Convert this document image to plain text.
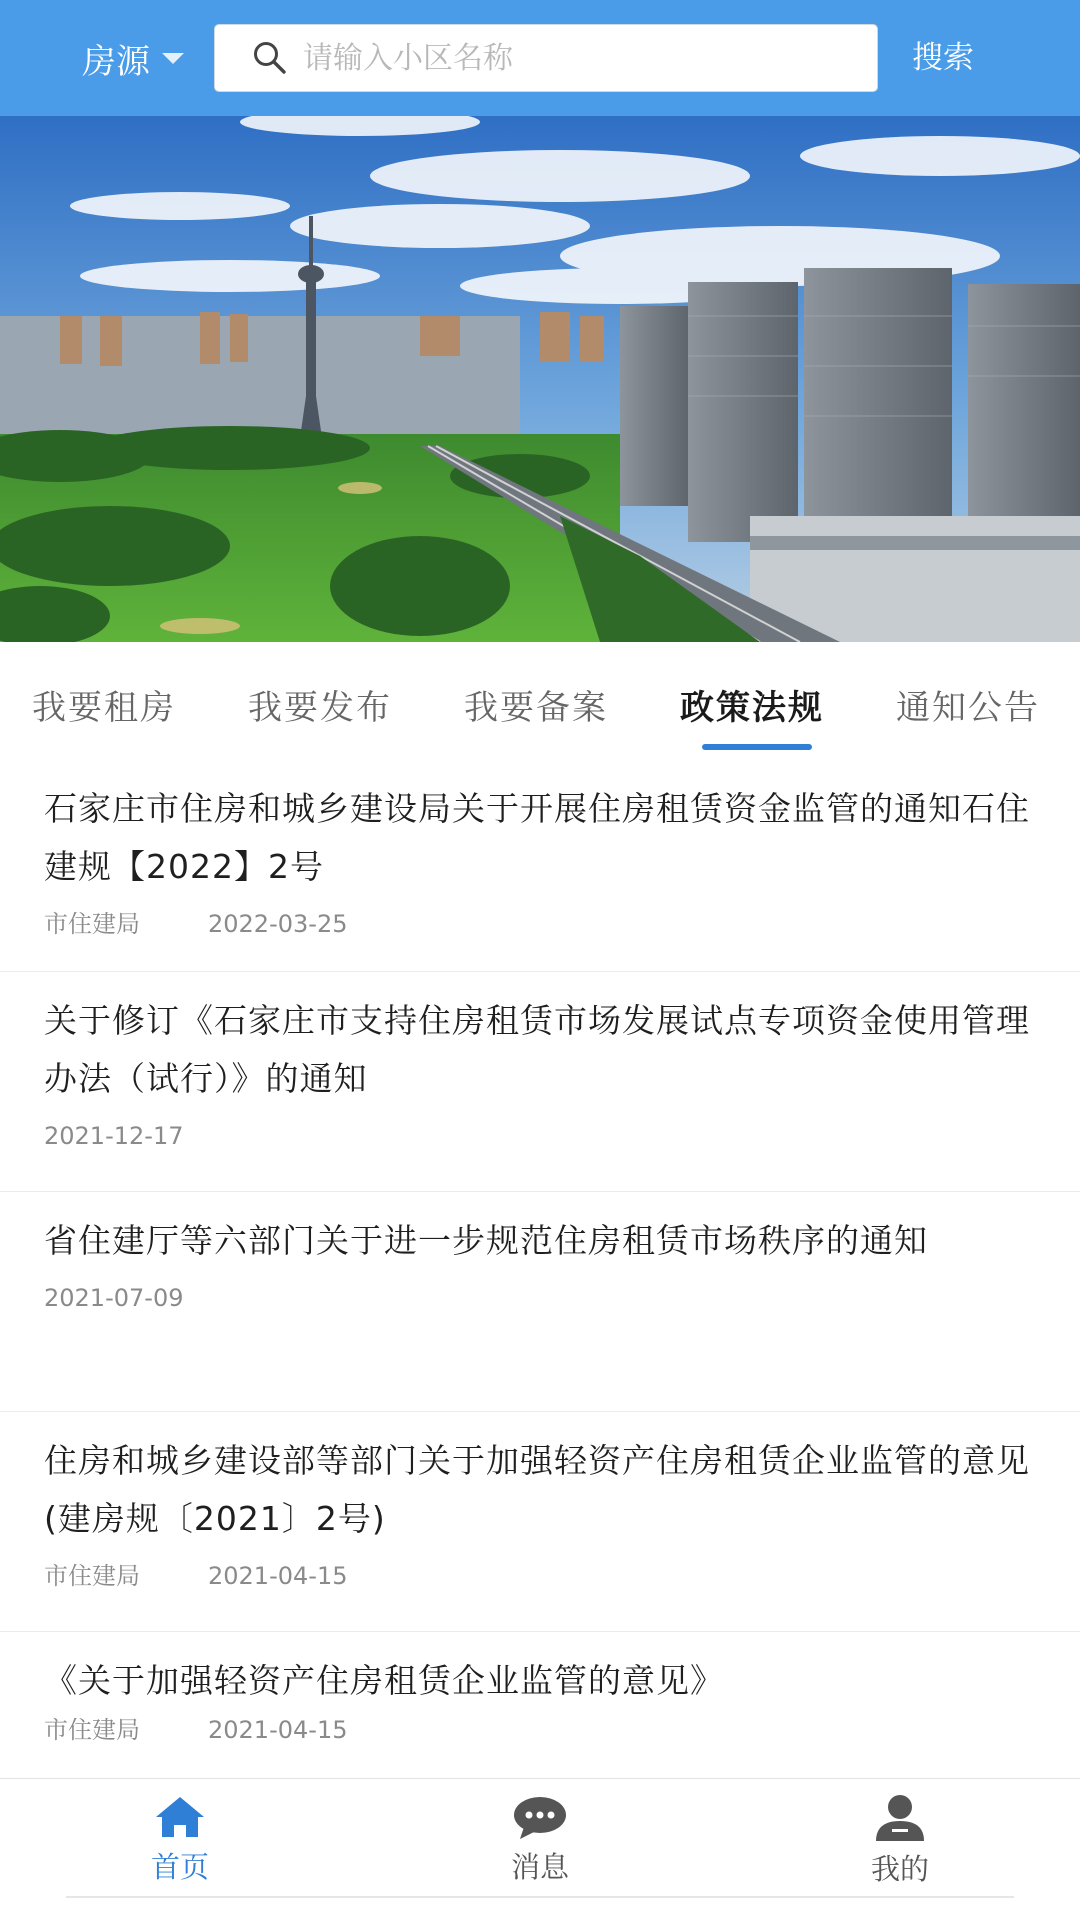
房源
请输入小区名称	搜索
我要租房 我要发布 我要备案 政策法规 通知公告
石家庄市住房和城乡建设局关于开展住房租赁资金监管的通知石住建规【2022】2号
市住建局	2022-03-25
关于修订《石家庄市支持住房租赁市场发展试点专项资金使用管理办法（试行）》的通知
2021-12-17
省住建厅等六部门关于进一步规范住房租赁市场秩序的通知
2021-07-09
住房和城乡建设部等部门关于加强轻资产住房租赁企业监管的意见(建房规〔2021〕2号)
市住建局	2021-04-15
《关于加强轻资产住房租赁企业监管的意见》
市住建局	2021-04-15
首页	消息	我的
